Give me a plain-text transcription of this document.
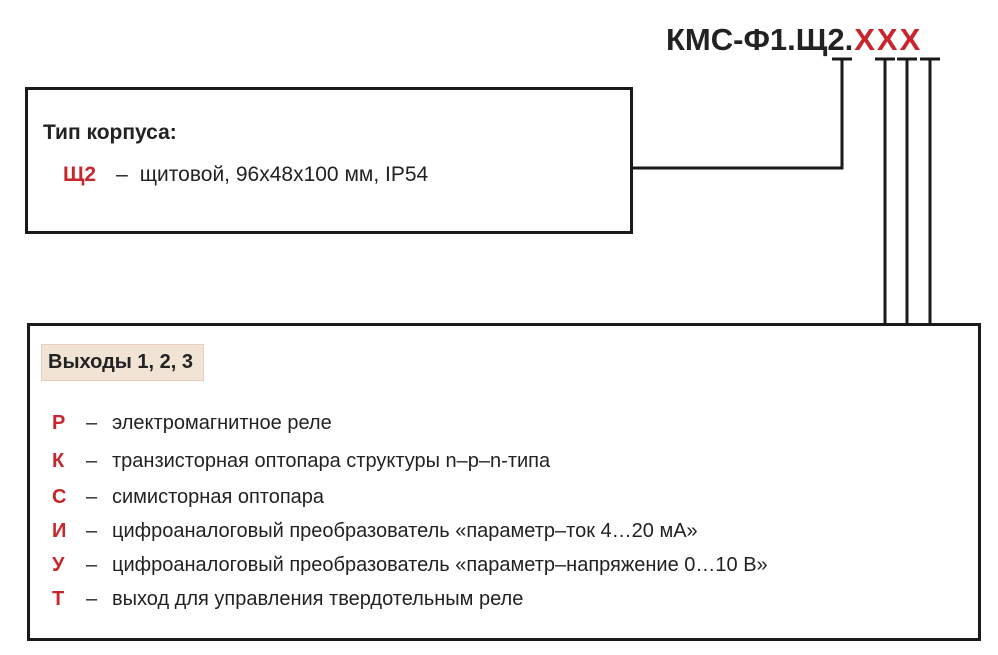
КМС-Ф1.Щ2.XXX
Тип корпуса:
Щ2 – щитовой, 96x48x100 мм, IP54
Выходы 1, 2, 3
Р – электромагнитное реле
К – транзисторная оптопара структуры n–p–n-типа
С – симисторная оптопара
И – цифроаналоговый преобразователь «параметр–ток 4…20 мА»
У – цифроаналоговый преобразователь «параметр–напряжение 0…10 В»
Т – выход для управления твердотельным реле
